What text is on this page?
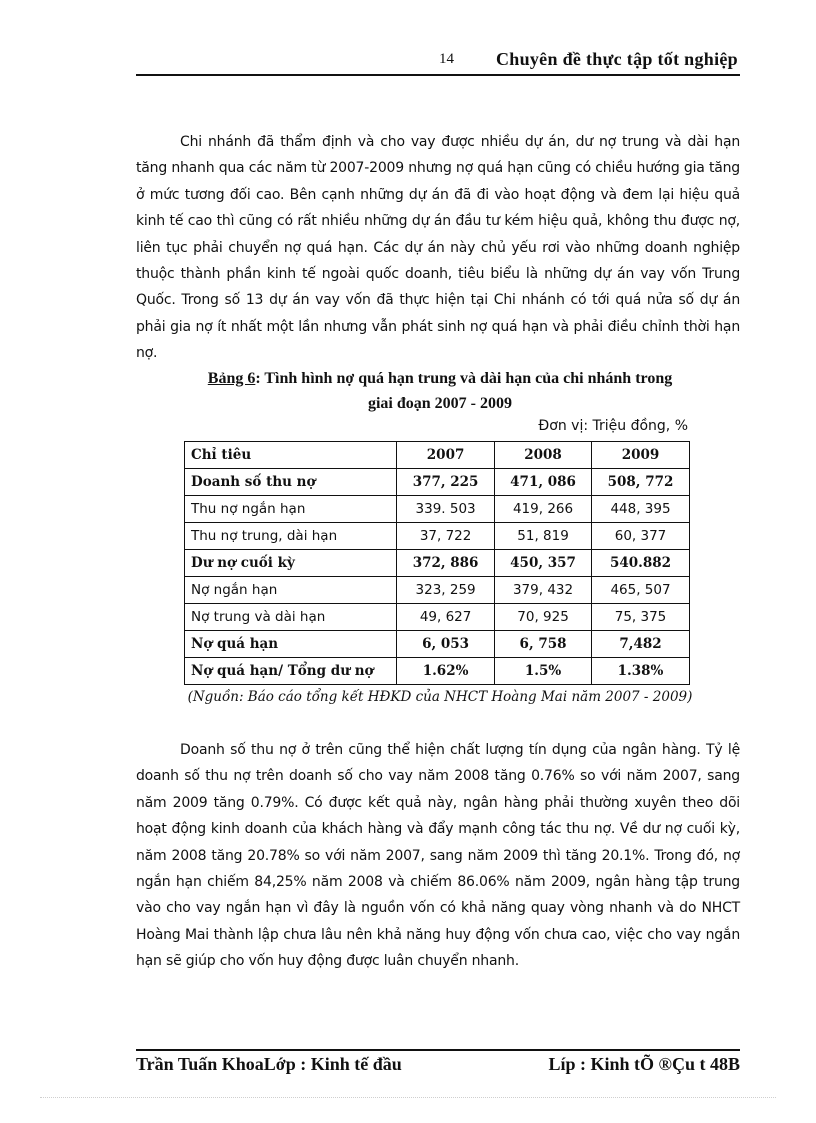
14 Chuyên đề thực tập tốt nghiệp

Chi nhánh đã thẩm định và cho vay được nhiều dự án, dư nợ trung và dài hạn tăng nhanh qua các năm từ 2007-2009 nhưng nợ quá hạn cũng có chiều hướng gia tăng ở mức tương đối cao. Bên cạnh những dự án đã đi vào hoạt động và đem lại hiệu quả kinh tế cao thì cũng có rất nhiều những dự án đầu tư kém hiệu quả, không thu được nợ, liên tục phải chuyển nợ quá hạn. Các dự án này chủ yếu rơi vào những doanh nghiệp thuộc thành phần kinh tế ngoài quốc doanh, tiêu biểu là những dự án vay vốn Trung Quốc. Trong số 13 dự án vay vốn đã thực hiện tại Chi nhánh có tới quá nửa số dự án phải gia nợ ít nhất một lần nhưng vẫn phát sinh nợ quá hạn và phải điều chỉnh thời hạn nợ.

Bảng 6: Tình hình nợ quá hạn trung và dài hạn của chi nhánh trong
giai đoạn 2007 - 2009
Đơn vị: Triệu đồng, %
Chỉ tiêu	2007	2008	2009
Doanh số thu nợ	377, 225	471, 086	508, 772
Thu nợ ngắn hạn	339. 503	419, 266	448, 395
Thu nợ trung, dài hạn	37, 722	51, 819	60, 377
Dư nợ cuối kỳ	372, 886	450, 357	540.882
Nợ ngắn hạn	323, 259	379, 432	465, 507
Nợ trung và dài hạn	49, 627	70, 925	75, 375
Nợ quá hạn	6, 053	6, 758	7,482
Nợ quá hạn/ Tổng dư nợ	1.62%	1.5%	1.38%
(Nguồn: Báo cáo tổng kết HĐKD của NHCT Hoàng Mai năm 2007 - 2009)

Doanh số thu nợ ở trên cũng thể hiện chất lượng tín dụng của ngân hàng. Tỷ lệ doanh số thu nợ trên doanh số cho vay năm 2008 tăng 0.76% so với năm 2007, sang năm 2009 tăng 0.79%. Có được kết quả này, ngân hàng phải thường xuyên theo dõi hoạt động kinh doanh của khách hàng và đẩy mạnh công tác thu nợ. Về dư nợ cuối kỳ, năm 2008 tăng 20.78% so với năm 2007, sang năm 2009 thì tăng 20.1%. Trong đó, nợ ngắn hạn chiếm 84,25% năm 2008 và chiếm 86.06% năm 2009, ngân hàng tập trung vào cho vay ngắn hạn vì đây là nguồn vốn có khả năng quay vòng nhanh và do NHCT Hoàng Mai thành lập chưa lâu nên khả năng huy động vốn chưa cao, việc cho vay ngắn hạn sẽ giúp cho vốn huy động được luân chuyển nhanh.

Trần Tuấn KhoaLớp : Kinh tế đầu	Líp : Kinh tÕ ®Çu t 48B
